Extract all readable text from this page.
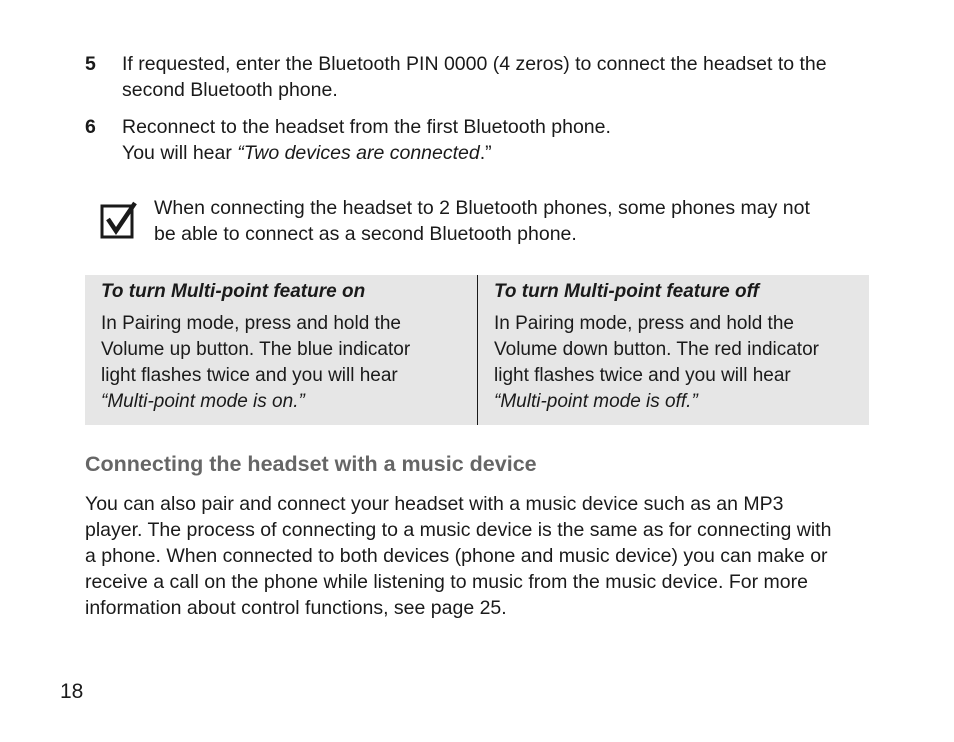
5 If requested, enter the Bluetooth PIN 0000 (4 zeros) to connect the headset to the

second Bluetooth phone.

6 Reconnect to the headset from the first Bluetooth phone.

You will hear “Two devices are connected.”

When connecting the headset to 2 Bluetooth phones, some phones may not
be able to connect as a second Bluetooth phone.

To turn Multi-point feature on

In Pairing mode, press and hold the
Volume up button. The blue indicator
light flashes twice and you will hear
“Multi-point mode is on.”

To turn Multi-point feature off

In Pairing mode, press and hold the
Volume down button. The red indicator
light flashes twice and you will hear
“Multi-point mode is off.”
Connecting the headset with a music device
You can also pair and connect your headset with a music device such as an MP3
player. The process of connecting to a music device is the same as for connecting with
a phone. When connected to both devices (phone and music device) you can make or
receive a call on the phone while listening to music from the music device. For more
information about control functions, see page 25.
18
